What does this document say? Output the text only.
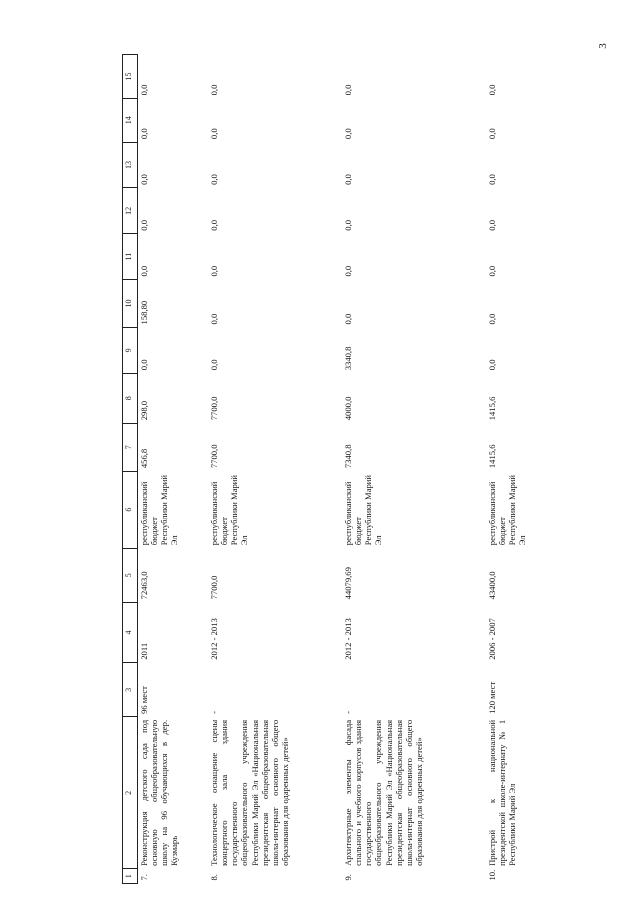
3
1	2	3	4	5	6	7	8	9	10	11	12	13	14	15
7.	Реконструкция детского сада под основную общеобразовательную школу на 96 обучающихся в дер. Кузмарь	96 мест	2011	72463,0	республиканский бюджет Республики Марий Эл	456,8	298,0	0,0	158,80	0,0	0,0	0,0	0,0	0,0
8.	Технологическое оснащение сцены концертного зала здания государственного общеобразовательного учреждения Республики Марий Эл «Национальная президентская общеобразовательная школа-интернат основного общего образования для одаренных детей»	-	2012 - 2013	7700,0	республиканский бюджет Республики Марий Эл	7700,0	7700,0	0,0	0,0	0,0	0,0	0,0	0,0	0,0
9.	Архитектурные элементы фасада спального и учебного корпусов здания государственного общеобразовательного учреждения Республики Марий Эл «Национальная президентская общеобразовательная школа-интернат основного общего образования для одаренных детей»	-	2012 - 2013	44079,69	республиканский бюджет Республики Марий Эл	7340,8	4000,0	3340,8	0,0	0,0	0,0	0,0	0,0	0,0
10.	Пристрой к национальной президентской школе-интернату № 1 Республики Марий Эл	120 мест	2006 - 2007	43400,0	республиканский бюджет Республики Марий Эл	1415,6	1415,6	0,0	0,0	0,0	0,0	0,0	0,0	0,0
